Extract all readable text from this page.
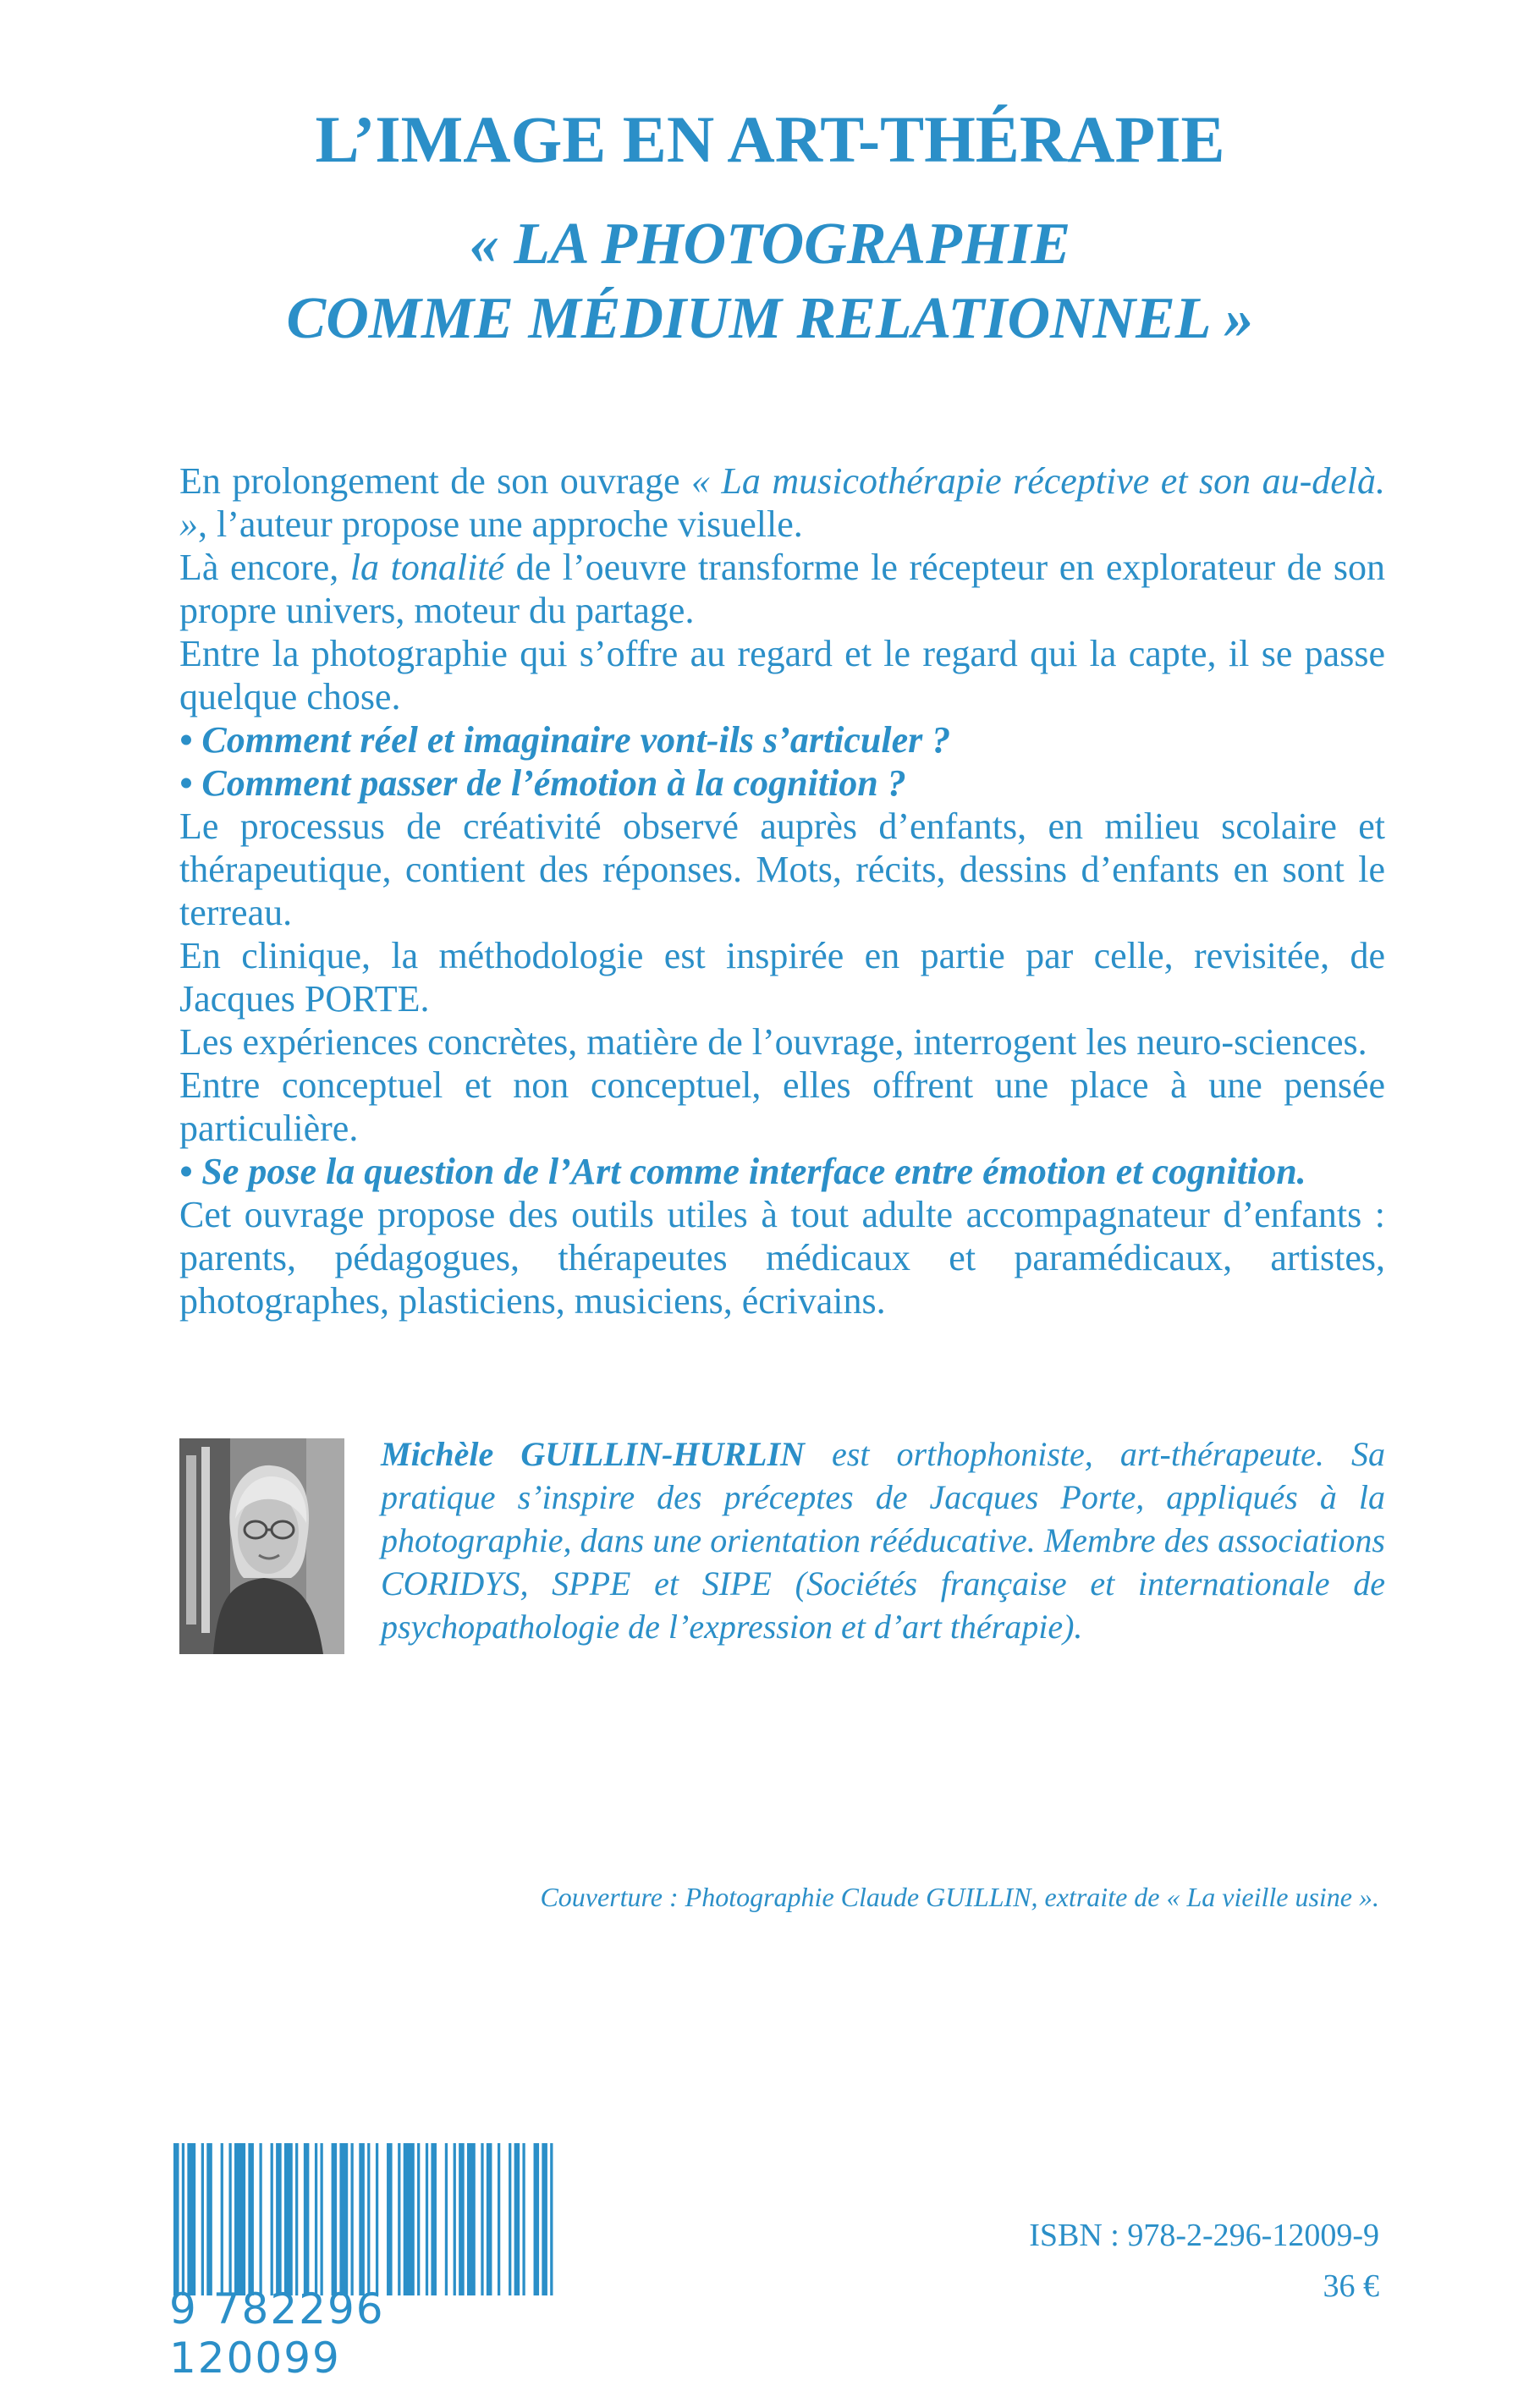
L’IMAGE EN ART-THÉRAPIE
« LA PHOTOGRAPHIE
COMME MÉDIUM RELATIONNEL »

En prolongement de son ouvrage « La musicothérapie réceptive et son au-delà. », l’auteur propose une approche visuelle.

Là encore, la tonalité de l’oeuvre transforme le récepteur en explorateur de son propre univers, moteur du partage.

Entre la photographie qui s’offre au regard et le regard qui la capte, il se passe quelque chose.

• Comment réel et imaginaire vont-ils s’articuler ?

• Comment passer de l’émotion à la cognition ?

Le processus de créativité observé auprès d’enfants, en milieu scolaire et thérapeutique, contient des réponses. Mots, récits, dessins d’enfants en sont le terreau.

En clinique, la méthodologie est inspirée en partie par celle, revisitée, de Jacques PORTE.

Les expériences concrètes, matière de l’ouvrage, interrogent les neuro-sciences.

Entre conceptuel et non conceptuel, elles offrent une place à une pensée particulière.

• Se pose la question de l’Art comme interface entre émotion et cognition.

Cet ouvrage propose des outils utiles à tout adulte accompagnateur d’enfants : parents, pédagogues, thérapeutes médicaux et paramédicaux, artistes, photographes, plasticiens, musiciens, écrivains.

Michèle GUILLIN-HURLIN est orthophoniste, art-thérapeute. Sa pratique s’inspire des préceptes de Jacques Porte, appliqués à la photographie, dans une orientation rééducative. Membre des associations CORIDYS, SPPE et SIPE (Sociétés française et internationale de psychopathologie de l’expression et d’art thérapie).

Couverture : Photographie Claude GUILLIN, extraite de « La vieille usine ».

9 782296 120099

ISBN : 978-2-296-12009-9

36 €
